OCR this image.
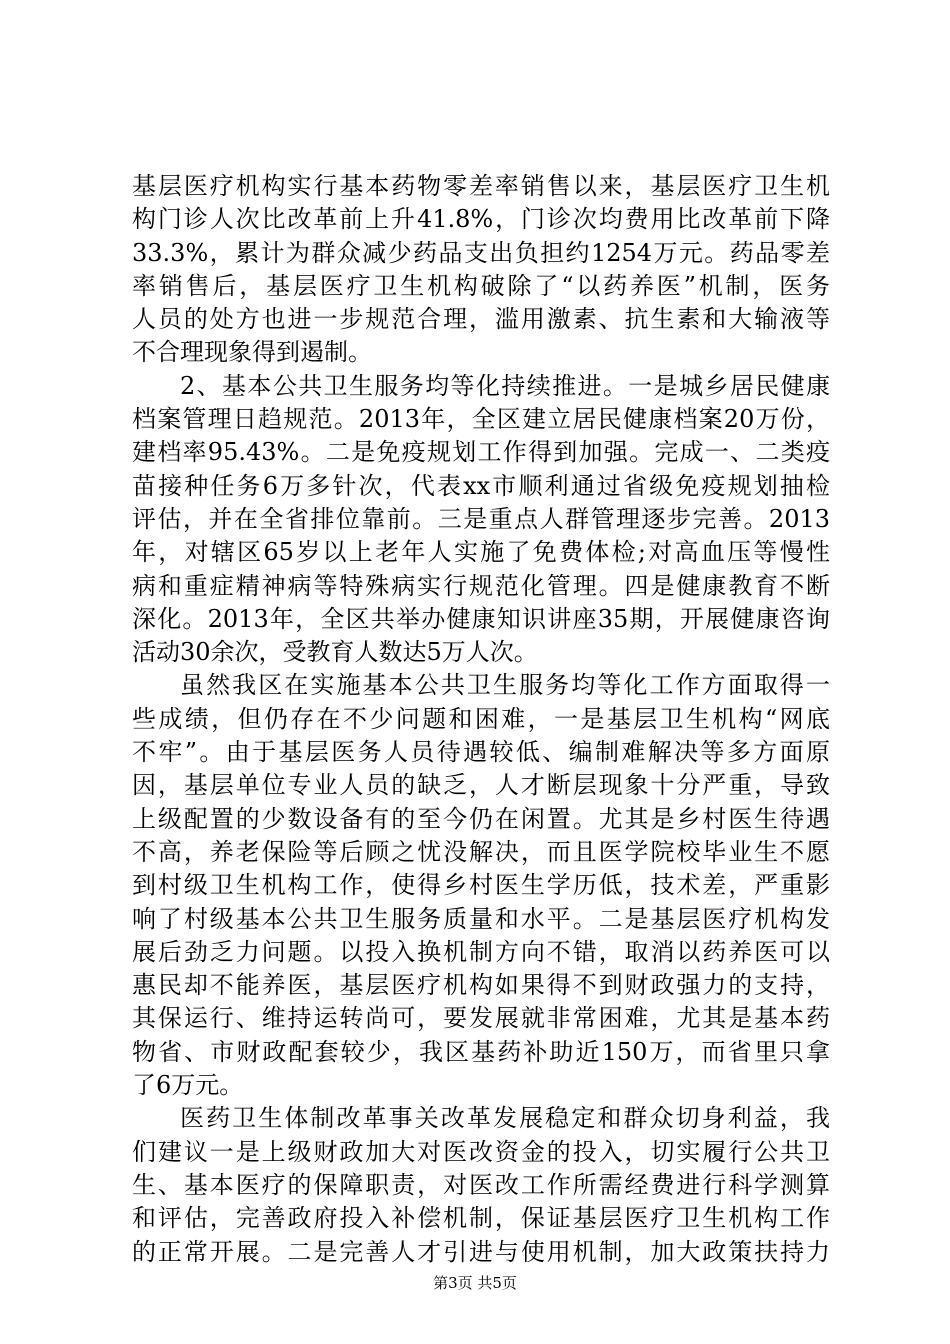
基层医疗机构实行基本药物零差率销售以来，基层医疗卫生机
构门诊人次比改革前上升41.8%，门诊次均费用比改革前下降
33.3%，累计为群众减少药品支出负担约1254万元。药品零差
率销售后，基层医疗卫生机构破除了“以药养医”机制，医务
人员的处方也进一步规范合理，滥用激素、抗生素和大输液等
不合理现象得到遏制。
2、基本公共卫生服务均等化持续推进。一是城乡居民健康
档案管理日趋规范。2013年，全区建立居民健康档案20万份，
建档率95.43%。二是免疫规划工作得到加强。完成一、二类疫
苗接种任务6万多针次，代表xx市顺利通过省级免疫规划抽检
评估，并在全省排位靠前。三是重点人群管理逐步完善。2013
年，对辖区65岁以上老年人实施了免费体检;对高血压等慢性
病和重症精神病等特殊病实行规范化管理。四是健康教育不断
深化。2013年，全区共举办健康知识讲座35期，开展健康咨询
活动30余次，受教育人数达5万人次。
虽然我区在实施基本公共卫生服务均等化工作方面取得一
些成绩，但仍存在不少问题和困难，一是基层卫生机构“网底
不牢”。由于基层医务人员待遇较低、编制难解决等多方面原
因，基层单位专业人员的缺乏，人才断层现象十分严重，导致
上级配置的少数设备有的至今仍在闲置。尤其是乡村医生待遇
不高，养老保险等后顾之忧没解决，而且医学院校毕业生不愿
到村级卫生机构工作，使得乡村医生学历低，技术差，严重影
响了村级基本公共卫生服务质量和水平。二是基层医疗机构发
展后劲乏力问题。以投入换机制方向不错，取消以药养医可以
惠民却不能养医，基层医疗机构如果得不到财政强力的支持，
其保运行、维持运转尚可，要发展就非常困难，尤其是基本药
物省、市财政配套较少，我区基药补助近150万，而省里只拿
了6万元。
医药卫生体制改革事关改革发展稳定和群众切身利益，我
们建议一是上级财政加大对医改资金的投入，切实履行公共卫
生、基本医疗的保障职责，对医改工作所需经费进行科学测算
和评估，完善政府投入补偿机制，保证基层医疗卫生机构工作
的正常开展。二是完善人才引进与使用机制，加大政策扶持力
第3页 共5页
